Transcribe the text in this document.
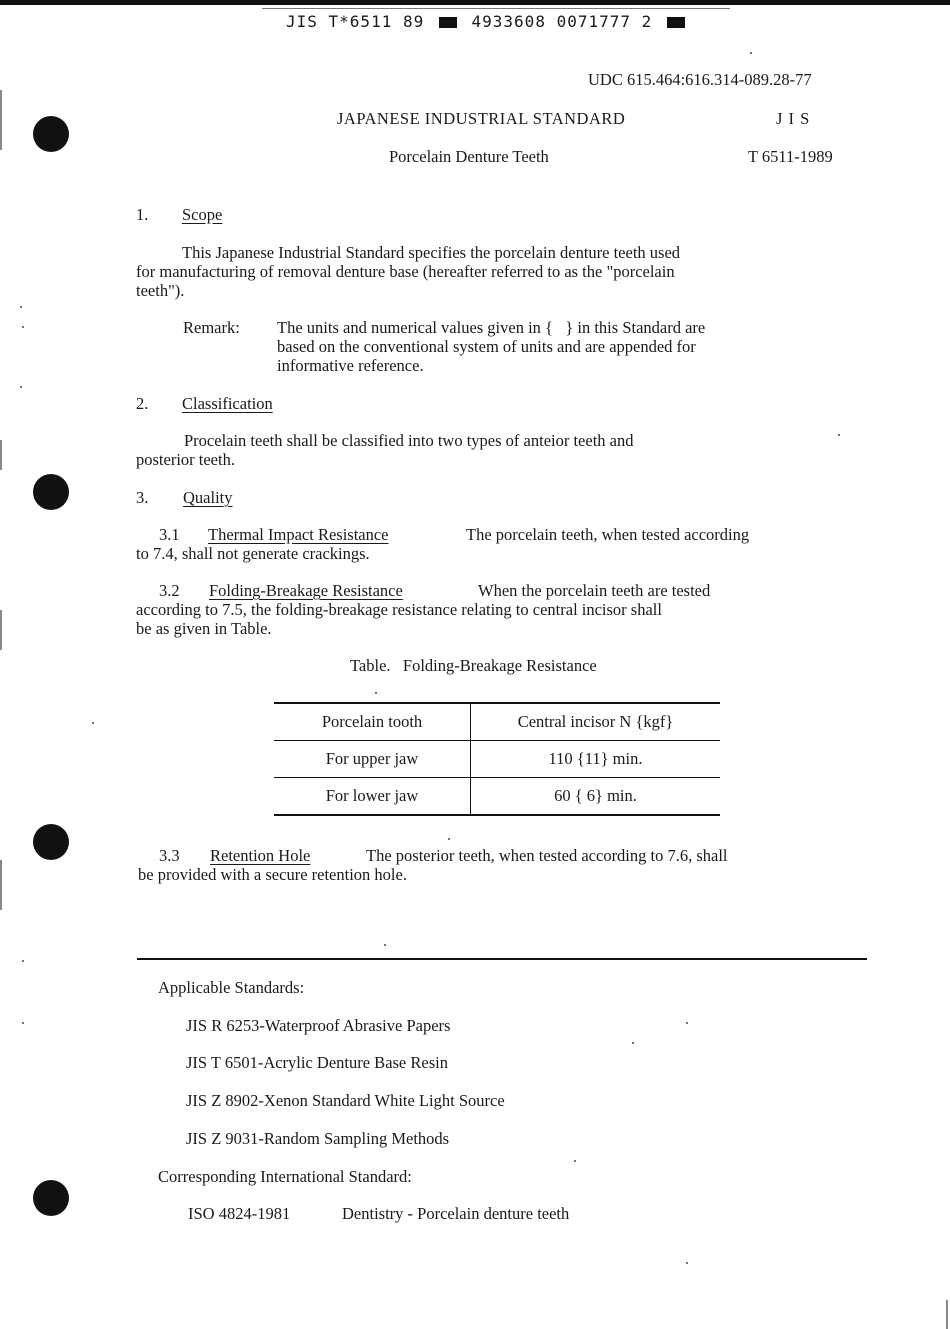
JIS T*6511 89	4933608 0071777 2
UDC 615.464:616.314-089.28-77
JAPANESE INDUSTRIAL STANDARD	J I S
Porcelain Denture Teeth	T 6511-1989
1. Scope
This Japanese Industrial Standard specifies the porcelain denture teeth used
for manufacturing of removal denture base (hereafter referred to as the "porcelain
teeth").
Remark: The units and numerical values given in {   } in this Standard are
based on the conventional system of units and are appended for
informative reference.
2. Classification
Procelain teeth shall be classified into two types of anteior teeth and
posterior teeth.
3. Quality
3.1 Thermal Impact Resistance	The porcelain teeth, when tested according
to 7.4, shall not generate crackings.
3.2 Folding-Breakage Resistance	When the porcelain teeth are tested
according to 7.5, the folding-breakage resistance relating to central incisor shall
be as given in Table.
Table.   Folding-Breakage Resistance
Porcelain tooth	Central incisor N {kgf}
For upper jaw	110 {11} min.
For lower jaw	60 { 6} min.
3.3 Retention Hole	The posterior teeth, when tested according to 7.6, shall
be provided with a secure retention hole.
Applicable Standards:
JIS R 6253-Waterproof Abrasive Papers
JIS T 6501-Acrylic Denture Base Resin
JIS Z 8902-Xenon Standard White Light Source
JIS Z 9031-Random Sampling Methods
Corresponding International Standard:
ISO 4824-1981	Dentistry - Porcelain denture teeth
